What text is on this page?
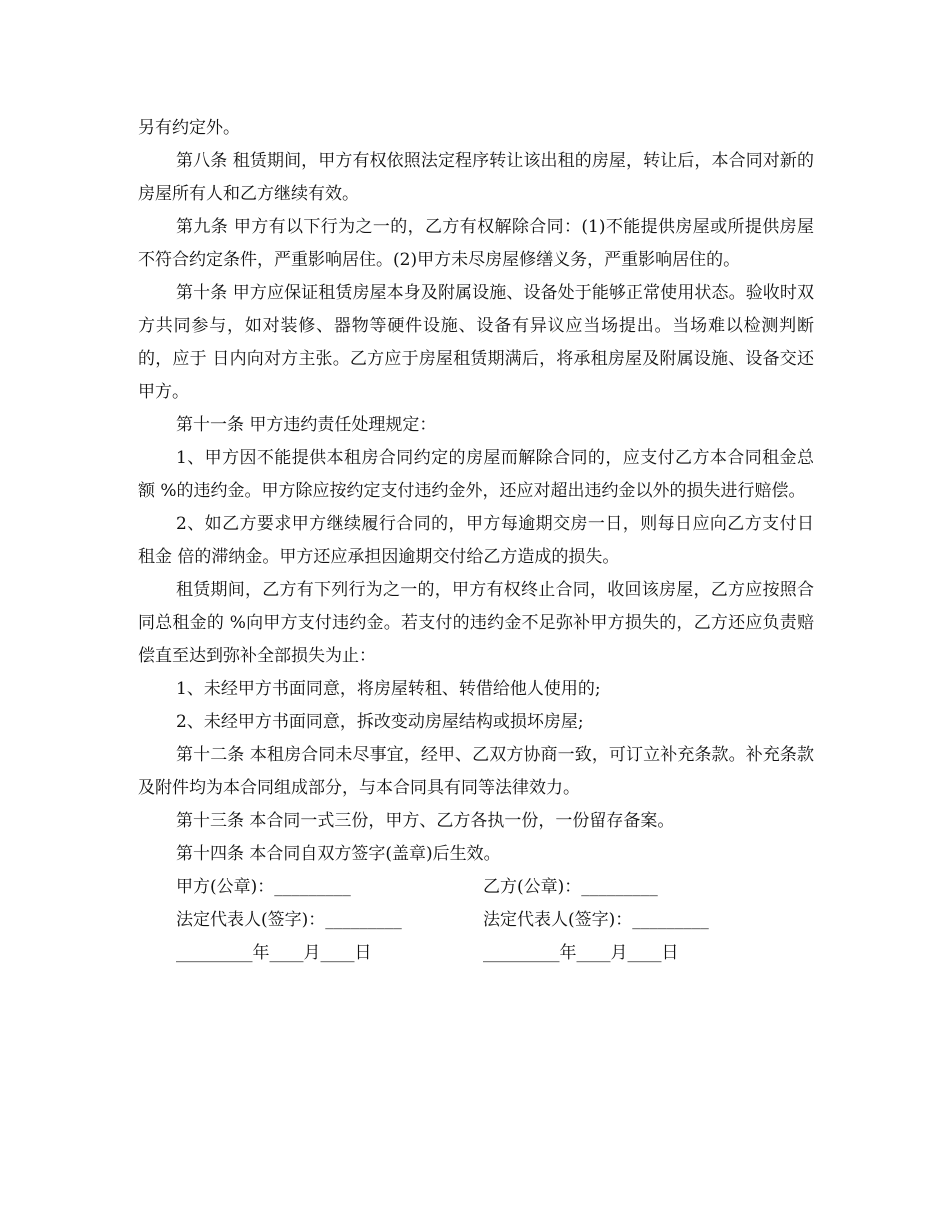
另有约定外。

第八条 租赁期间，甲方有权依照法定程序转让该出租的房屋，转让后，本合同对新的房屋所有人和乙方继续有效。

第九条 甲方有以下行为之一的，乙方有权解除合同：(1)不能提供房屋或所提供房屋不符合约定条件，严重影响居住。(2)甲方未尽房屋修缮义务，严重影响居住的。

第十条 甲方应保证租赁房屋本身及附属设施、设备处于能够正常使用状态。验收时双方共同参与，如对装修、器物等硬件设施、设备有异议应当场提出。当场难以检测判断的，应于 日内向对方主张。乙方应于房屋租赁期满后，将承租房屋及附属设施、设备交还甲方。

第十一条 甲方违约责任处理规定：

1、甲方因不能提供本租房合同约定的房屋而解除合同的，应支付乙方本合同租金总额 %的违约金。甲方除应按约定支付违约金外，还应对超出违约金以外的损失进行赔偿。

2、如乙方要求甲方继续履行合同的，甲方每逾期交房一日，则每日应向乙方支付日租金 倍的滞纳金。甲方还应承担因逾期交付给乙方造成的损失。

租赁期间，乙方有下列行为之一的，甲方有权终止合同，收回该房屋，乙方应按照合同总租金的 %向甲方支付违约金。若支付的违约金不足弥补甲方损失的，乙方还应负责赔偿直至达到弥补全部损失为止：

1、未经甲方书面同意，将房屋转租、转借给他人使用的;

2、未经甲方书面同意，拆改变动房屋结构或损坏房屋;

第十二条 本租房合同未尽事宜，经甲、乙双方协商一致，可订立补充条款。补充条款及附件均为本合同组成部分，与本合同具有同等法律效力。

第十三条 本合同一式三份，甲方、乙方各执一份，一份留存备案。

第十四条 本合同自双方签字(盖章)后生效。

甲方(公章)：_________	乙方(公章)：_________
法定代表人(签字)：_________	法定代表人(签字)：_________
_________年____月____日	_________年____月____日
